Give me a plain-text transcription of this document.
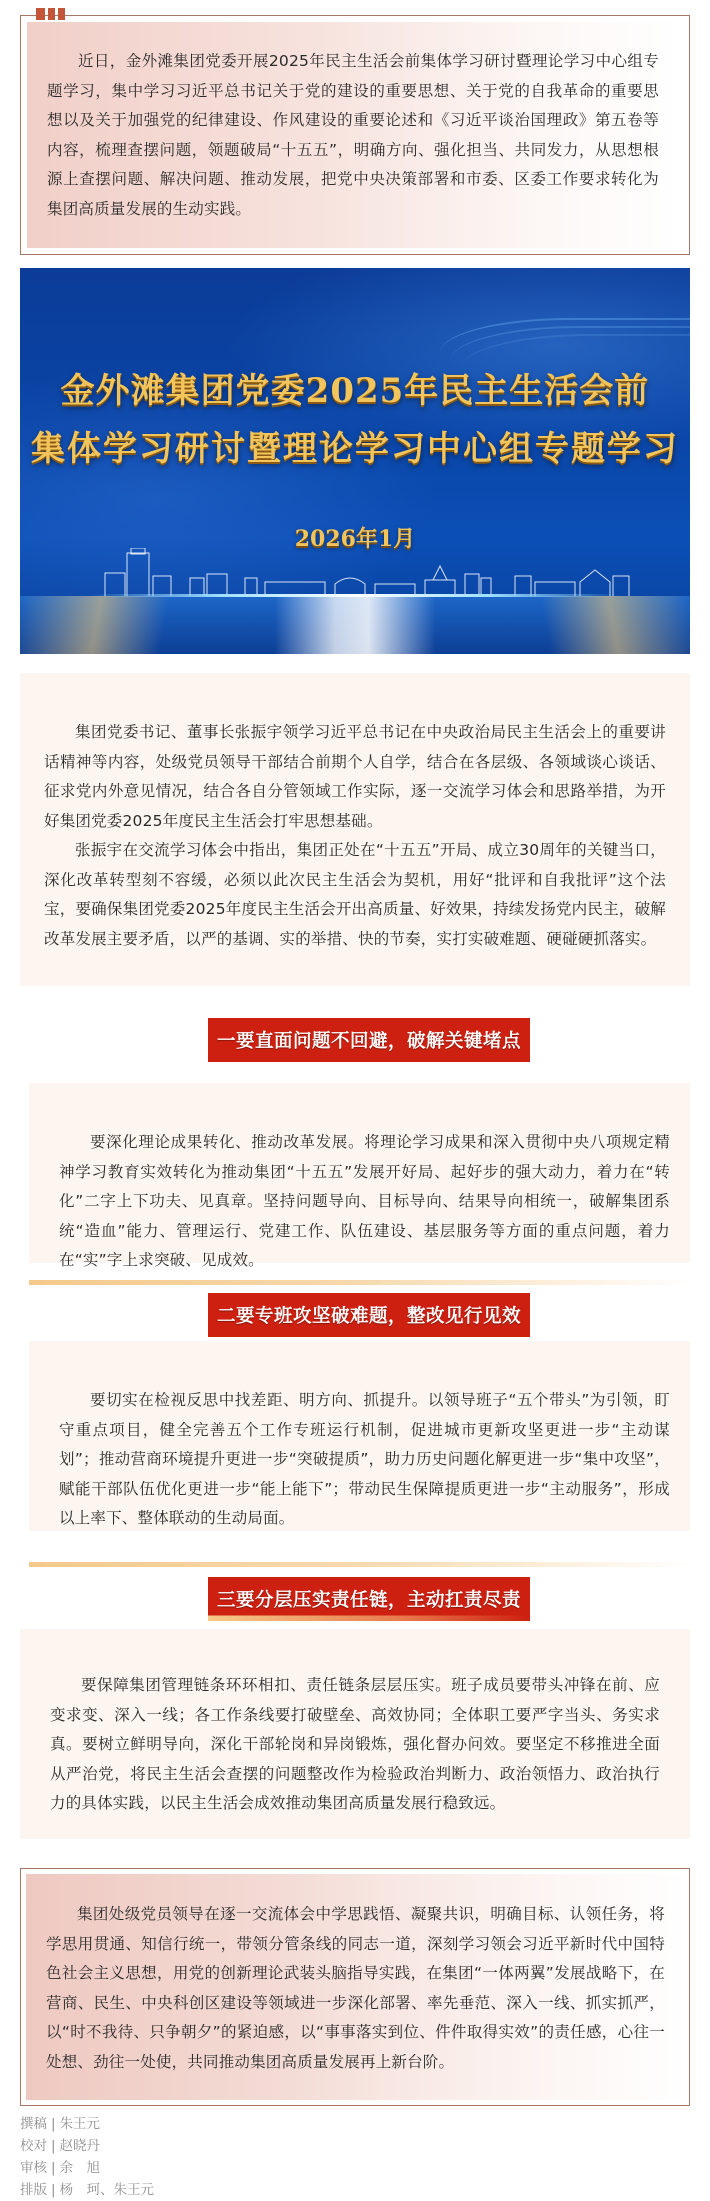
近日，金外滩集团党委开展2025年民主生活会前集体学习研讨暨理论学习中心组专题学习，集中学习习近平总书记关于党的建设的重要思想、关于党的自我革命的重要思想以及关于加强党的纪律建设、作风建设的重要论述和《习近平谈治国理政》第五卷等内容，梳理查摆问题，领题破局“十五五”，明确方向、强化担当、共同发力，从思想根源上查摆问题、解决问题、推动发展，把党中央决策部署和市委、区委工作要求转化为集团高质量发展的生动实践。

金外滩集团党委2025年民主生活会前
集体学习研讨暨理论学习中心组专题学习
2026年1月

集团党委书记、董事长张振宇领学习近平总书记在中央政治局民主生活会上的重要讲话精神等内容，处级党员领导干部结合前期个人自学，结合在各层级、各领域谈心谈话、征求党内外意见情况，结合各自分管领域工作实际，逐一交流学习体会和思路举措，为开好集团党委2025年度民主生活会打牢思想基础。

张振宇在交流学习体会中指出，集团正处在“十五五”开局、成立30周年的关键当口，深化改革转型刻不容缓，必须以此次民主生活会为契机，用好“批评和自我批评”这个法宝，要确保集团党委2025年度民主生活会开出高质量、好效果，持续发扬党内民主，破解改革发展主要矛盾，以严的基调、实的举措、快的节奏，实打实破难题、硬碰硬抓落实。

一要直面问题不回避，破解关键堵点

要深化理论成果转化、推动改革发展。将理论学习成果和深入贯彻中央八项规定精神学习教育实效转化为推动集团“十五五”发展开好局、起好步的强大动力，着力在“转化”二字上下功夫、见真章。坚持问题导向、目标导向、结果导向相统一，破解集团系统“造血”能力、管理运行、党建工作、队伍建设、基层服务等方面的重点问题，着力在“实”字上求突破、见成效。

二要专班攻坚破难题，整改见行见效

要切实在检视反思中找差距、明方向、抓提升。以领导班子“五个带头”为引领，盯守重点项目，健全完善五个工作专班运行机制，促进城市更新攻坚更进一步“主动谋划”；推动营商环境提升更进一步“突破提质”，助力历史问题化解更进一步“集中攻坚”，赋能干部队伍优化更进一步“能上能下”；带动民生保障提质更进一步“主动服务”，形成以上率下、整体联动的生动局面。

三要分层压实责任链，主动扛责尽责

要保障集团管理链条环环相扣、责任链条层层压实。班子成员要带头冲锋在前、应变求变、深入一线；各工作条线要打破壁垒、高效协同；全体职工要严字当头、务实求真。要树立鲜明导向，深化干部轮岗和异岗锻炼，强化督办问效。要坚定不移推进全面从严治党，将民主生活会查摆的问题整改作为检验政治判断力、政治领悟力、政治执行力的具体实践，以民主生活会成效推动集团高质量发展行稳致远。

集团处级党员领导在逐一交流体会中学思践悟、凝聚共识，明确目标、认领任务，将学思用贯通、知信行统一，带领分管条线的同志一道，深刻学习领会习近平新时代中国特色社会主义思想，用党的创新理论武装头脑指导实践，在集团“一体两翼”发展战略下，在营商、民生、中央科创区建设等领域进一步深化部署、率先垂范、深入一线、抓实抓严，以“时不我待、只争朝夕”的紧迫感，以“事事落实到位、件件取得实效”的责任感，心往一处想、劲往一处使，共同推动集团高质量发展再上新台阶。

撰稿 | 朱王元
校对 | 赵晓丹
审核 | 余　旭
排版 | 杨　珂、朱王元
